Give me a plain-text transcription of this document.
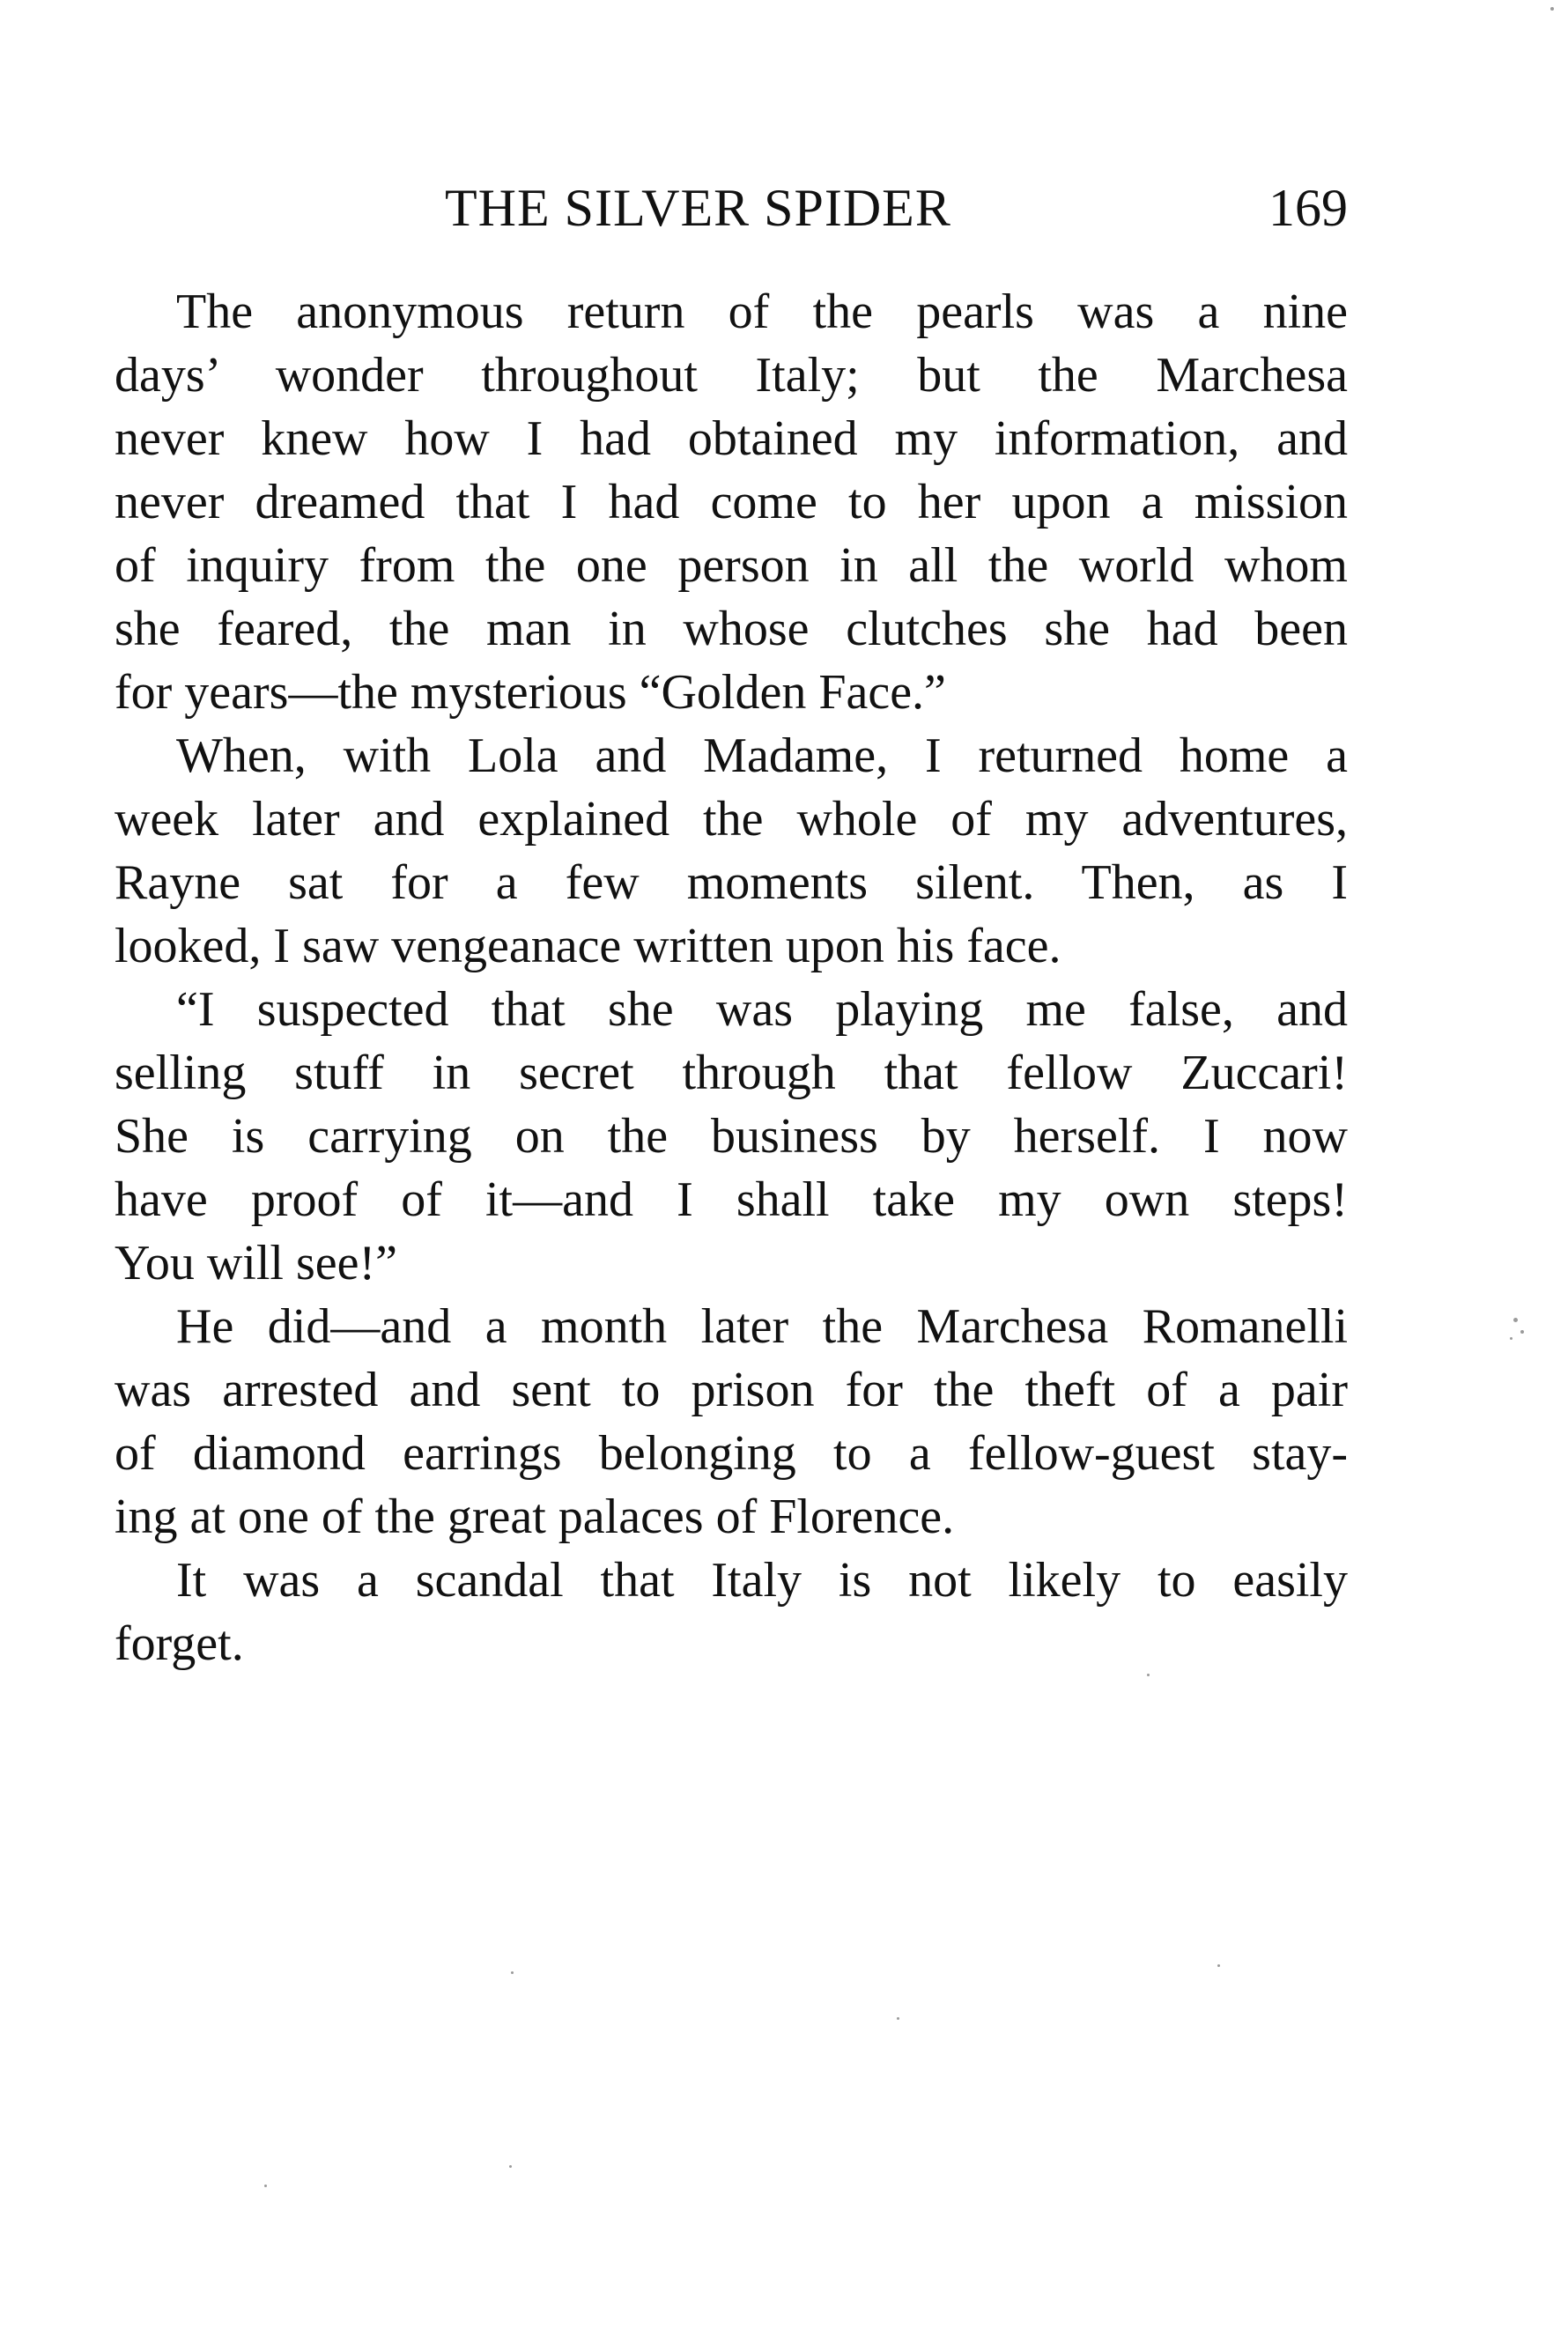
THE SILVER SPIDER	169

The anonymous return of the pearls was a nine
days’ wonder throughout Italy; but the Marchesa
never knew how I had obtained my information, and
never dreamed that I had come to her upon a mission
of inquiry from the one person in all the world whom
she feared, the man in whose clutches she had been
for years—the mysterious “Golden Face.”

When, with Lola and Madame, I returned home a
week later and explained the whole of my adventures,
Rayne sat for a few moments silent. Then, as I
looked, I saw vengeanace written upon his face.

“I suspected that she was playing me false, and
selling stuff in secret through that fellow Zuccari!
She is carrying on the business by herself. I now
have proof of it—and I shall take my own steps!
You will see!”

He did—and a month later the Marchesa Romanelli
was arrested and sent to prison for the theft of a pair
of diamond earrings belonging to a fellow-guest stay-
ing at one of the great palaces of Florence.

It was a scandal that Italy is not likely to easily
forget.
